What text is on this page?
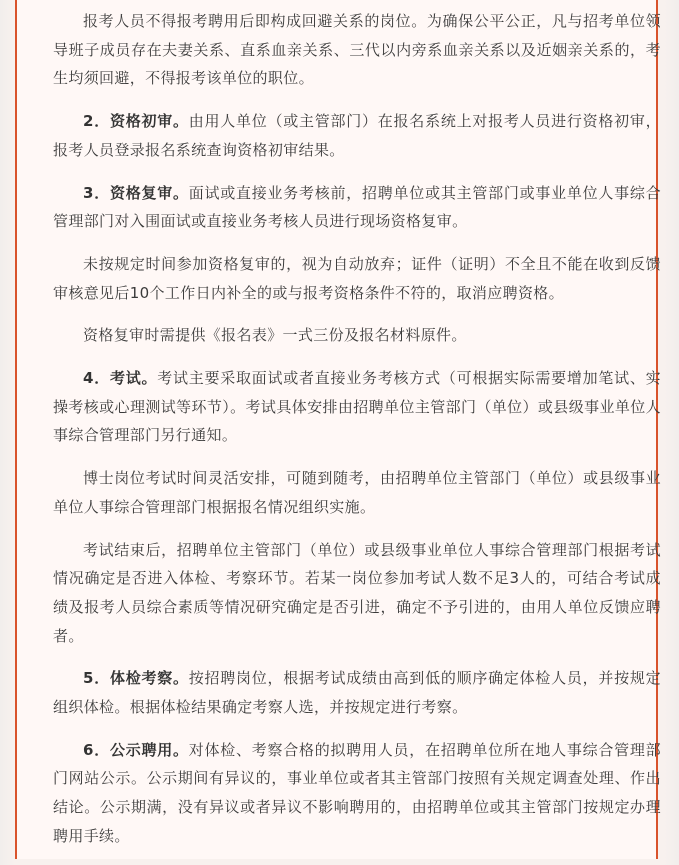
报考人员不得报考聘用后即构成回避关系的岗位。为确保公平公正，凡与招考单位领导班子成员存在夫妻关系、直系血亲关系、三代以内旁系血亲关系以及近姻亲关系的，考生均须回避，不得报考该单位的职位。

2．资格初审。由用人单位（或主管部门）在报名系统上对报考人员进行资格初审，报考人员登录报名系统查询资格初审结果。

3．资格复审。面试或直接业务考核前，招聘单位或其主管部门或事业单位人事综合管理部门对入围面试或直接业务考核人员进行现场资格复审。

未按规定时间参加资格复审的，视为自动放弃；证件（证明）不全且不能在收到反馈审核意见后10个工作日内补全的或与报考资格条件不符的，取消应聘资格。

资格复审时需提供《报名表》一式三份及报名材料原件。

4．考试。考试主要采取面试或者直接业务考核方式（可根据实际需要增加笔试、实操考核或心理测试等环节）。考试具体安排由招聘单位主管部门（单位）或县级事业单位人事综合管理部门另行通知。

博士岗位考试时间灵活安排，可随到随考，由招聘单位主管部门（单位）或县级事业单位人事综合管理部门根据报名情况组织实施。

考试结束后，招聘单位主管部门（单位）或县级事业单位人事综合管理部门根据考试情况确定是否进入体检、考察环节。若某一岗位参加考试人数不足3人的，可结合考试成绩及报考人员综合素质等情况研究确定是否引进，确定不予引进的，由用人单位反馈应聘者。

5．体检考察。按招聘岗位，根据考试成绩由高到低的顺序确定体检人员，并按规定组织体检。根据体检结果确定考察人选，并按规定进行考察。

6．公示聘用。对体检、考察合格的拟聘用人员，在招聘单位所在地人事综合管理部门网站公示。公示期间有异议的，事业单位或者其主管部门按照有关规定调查处理、作出结论。公示期满，没有异议或者异议不影响聘用的，由招聘单位或其主管部门按规定办理聘用手续。
